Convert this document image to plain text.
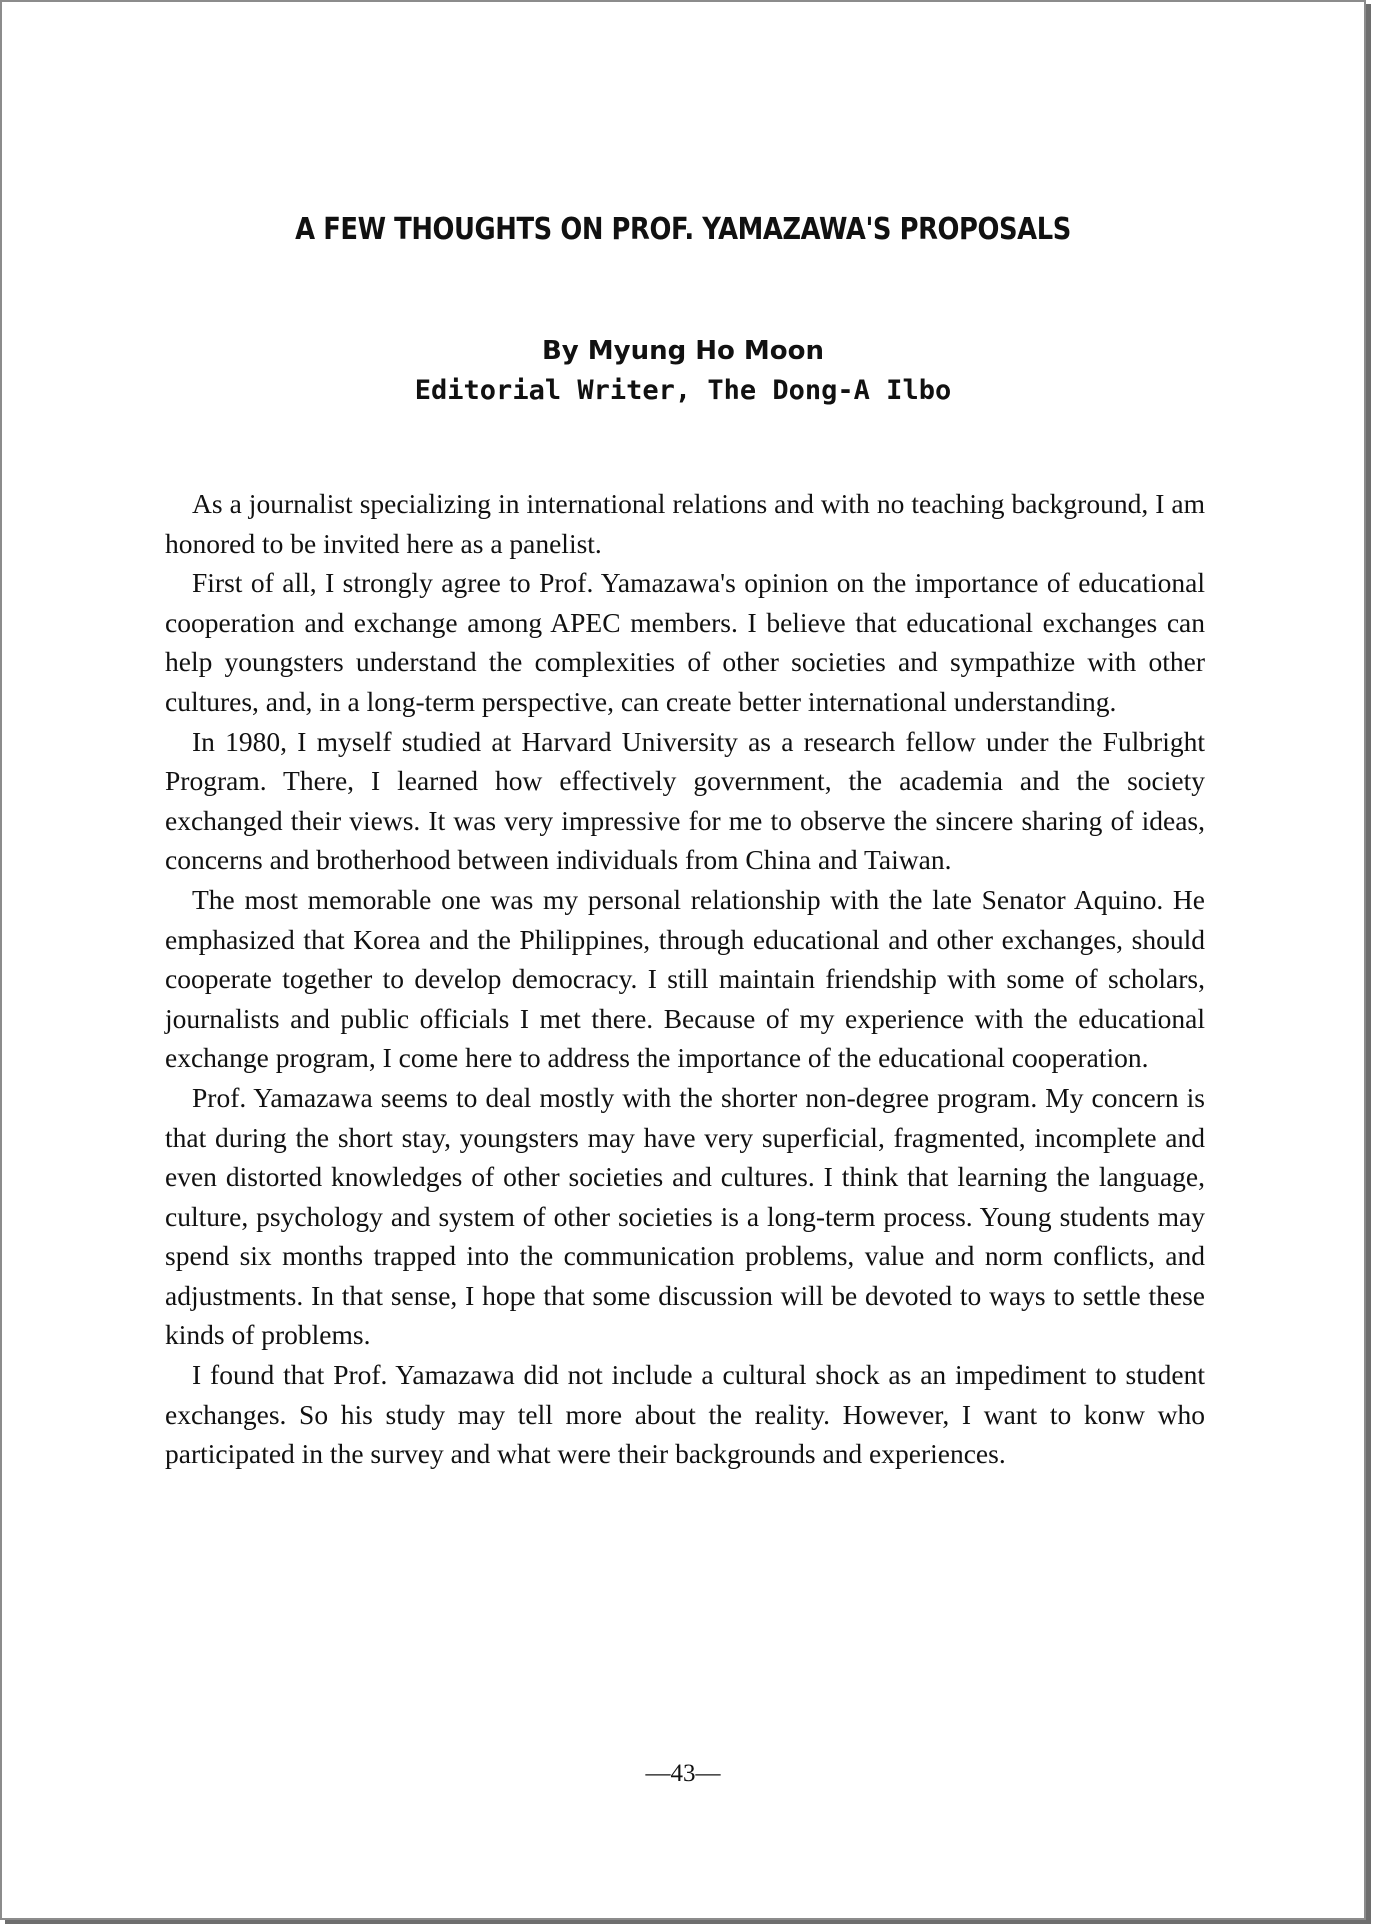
A FEW THOUGHTS ON PROF. YAMAZAWA'S PROPOSALS
By Myung Ho Moon
Editorial Writer, The Dong-A Ilbo

As a journalist specializing in international relations and with no teaching background, I am honored to be invited here as a panelist.

First of all, I strongly agree to Prof. Yamazawa's opinion on the importance of educational cooperation and exchange among APEC members. I believe that educational exchanges can help youngsters understand the complexities of other societies and sympathize with other cultures, and, in a long-term perspective, can create better international understanding.

In 1980, I myself studied at Harvard University as a research fellow under the Fulbright Program. There, I learned how effectively government, the academia and the society exchanged their views. It was very impressive for me to observe the sincere sharing of ideas, concerns and brotherhood between individuals from China and Taiwan.

The most memorable one was my personal relationship with the late Senator Aquino. He emphasized that Korea and the Philippines, through educational and other exchanges, should cooperate together to develop democracy. I still maintain friendship with some of scholars, journalists and public officials I met there. Because of my experience with the educational exchange program, I come here to address the importance of the educational cooperation.

Prof. Yamazawa seems to deal mostly with the shorter non-degree program. My concern is that during the short stay, youngsters may have very superficial, fragmented, incomplete and even distorted knowledges of other societies and cultures. I think that learning the language, culture, psychology and system of other societies is a long-term process. Young students may spend six months trapped into the communication problems, value and norm conflicts, and adjustments. In that sense, I hope that some discussion will be devoted to ways to settle these kinds of problems.

I found that Prof. Yamazawa did not include a cultural shock as an impediment to student exchanges. So his study may tell more about the reality. However, I want to konw who participated in the survey and what were their backgrounds and experiences.

—43—
